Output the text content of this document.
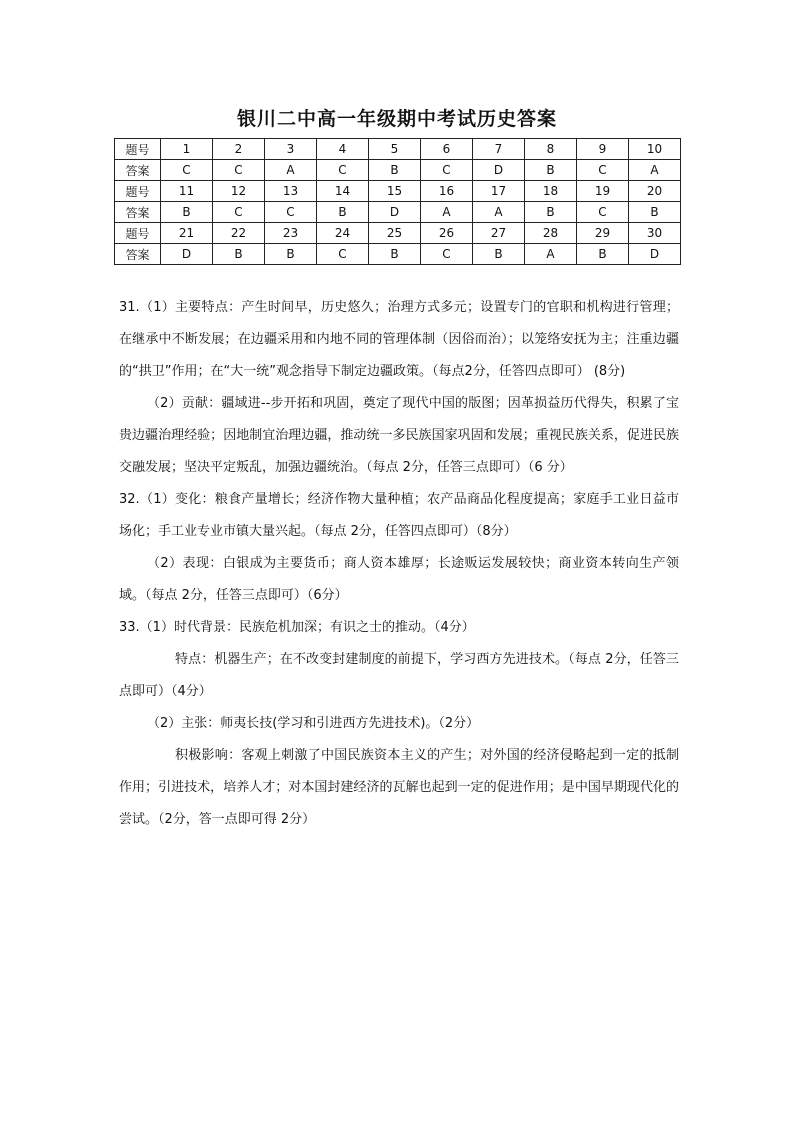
银川二中高一年级期中考试历史答案
题号	1	2	3	4	5	6	7	8	9	10
答案	C	C	A	C	B	C	D	B	C	A
题号	11	12	13	14	15	16	17	18	19	20
答案	B	C	C	B	D	A	A	B	C	B
题号	21	22	23	24	25	26	27	28	29	30
答案	D	B	B	C	B	C	B	A	B	D

31.（1）主要特点：产生时间早，历史悠久；治理方式多元；设置专门的官职和机构进行管理；在继承中不断发展；在边疆采用和内地不同的管理体制（因俗而治）；以笼络安抚为主；注重边疆的“拱卫”作用；在“大一统”观念指导下制定边疆政策。（每点2分，任答四点即可） (8分)

（2）贡献：疆域进--步开拓和巩固，奠定了现代中国的版图；因革损益历代得失，积累了宝贵边疆治理经验；因地制宜治理边疆，推动统一多民族国家巩固和发展；重视民族关系，促进民族交融发展；坚决平定叛乱，加强边疆统治。（每点 2分，任答三点即可）（6 分）

32.（1）变化：粮食产量增长；经济作物大量种植；农产品商品化程度提高；家庭手工业日益市场化；手工业专业市镇大量兴起。（每点 2分，任答四点即可）（8分）

（2）表现：白银成为主要货币；商人资本雄厚；长途贩运发展较快；商业资本转向生产领域。（每点 2分，任答三点即可）（6分）

33.（1）时代背景：民族危机加深；有识之士的推动。（4分）

特点：机器生产；在不改变封建制度的前提下，学习西方先进技术。（每点 2分，任答三点即可）（4分）

（2）主张：师夷长技(学习和引进西方先进技术)。（2分）

积极影响：客观上刺激了中国民族资本主义的产生；对外国的经济侵略起到一定的抵制作用；引进技术，培养人才；对本国封建经济的瓦解也起到一定的促进作用；是中国早期现代化的尝试。（2分，答一点即可得 2分）
